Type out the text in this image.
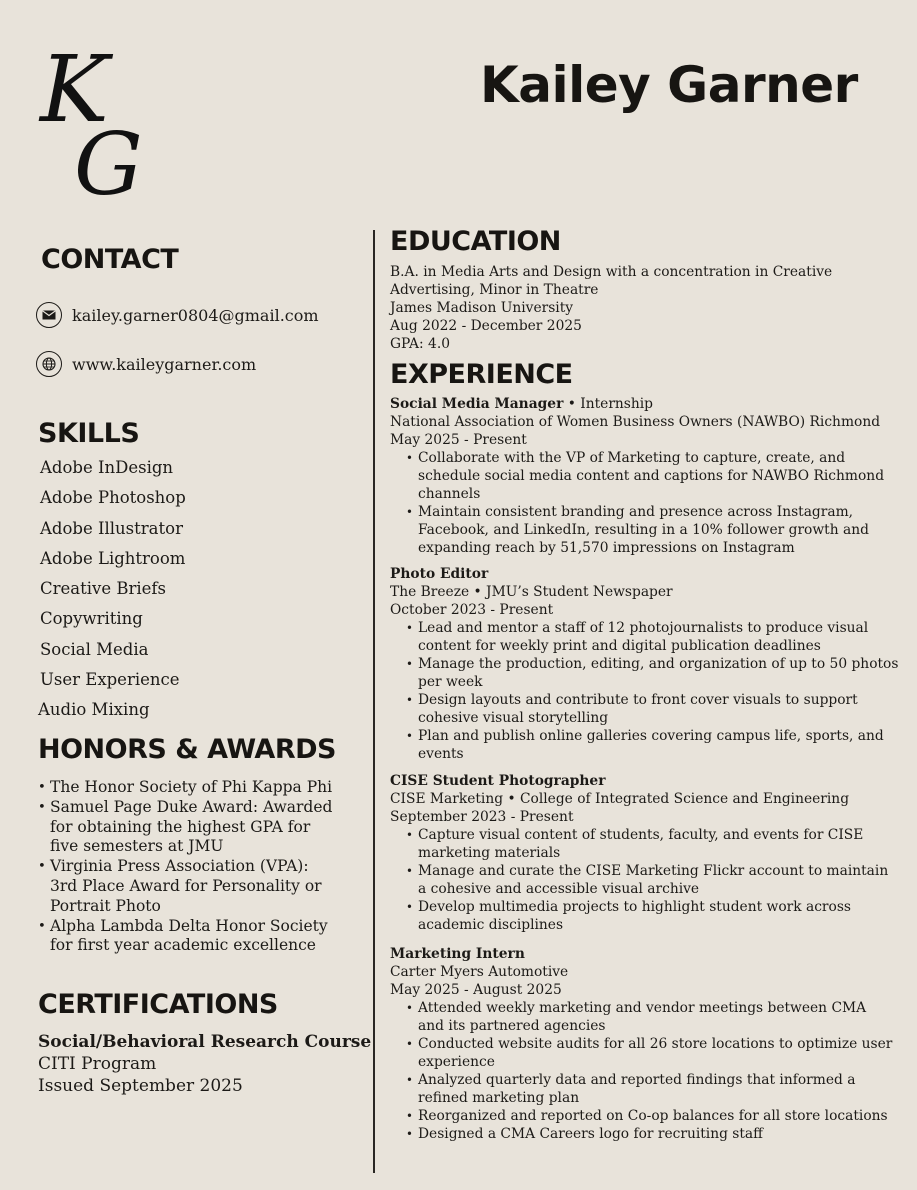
K
G
Kailey Garner
CONTACT
kailey.garner0804@gmail.com
www.kaileygarner.com
SKILLS
Adobe InDesign
Adobe Photoshop
Adobe Illustrator
Adobe Lightroom
Creative Briefs
Copywriting
Social Media
User Experience
Audio Mixing
HONORS & AWARDS
• The Honor Society of Phi Kappa Phi
• Samuel Page Duke Award: Awarded for obtaining the highest GPA for five semesters at JMU
• Virginia Press Association (VPA): 3rd Place Award for Personality or Portrait Photo
• Alpha Lambda Delta Honor Society for first year academic excellence
CERTIFICATIONS
Social/Behavioral Research Course
CITI Program
Issued September 2025
EDUCATION

B.A. in Media Arts and Design with a concentration in Creative

Advertising, Minor in Theatre

James Madison University

Aug 2022 - December 2025

GPA: 4.0

EXPERIENCE

Social Media Manager • Internship

National Association of Women Business Owners (NAWBO) Richmond

May 2025 - Present

• Collaborate with the VP of Marketing to capture, create, and
schedule social media content and captions for NAWBO Richmond
channels
• Maintain consistent branding and presence across Instagram,
Facebook, and LinkedIn, resulting in a 10% follower growth and
expanding reach by 51,570 impressions on Instagram

Photo Editor

The Breeze • JMU’s Student Newspaper

October 2023 - Present

• Lead and mentor a staff of 12 photojournalists to produce visual
content for weekly print and digital publication deadlines
• Manage the production, editing, and organization of up to 50 photos
per week
• Design layouts and contribute to front cover visuals to support
cohesive visual storytelling
• Plan and publish online galleries covering campus life, sports, and
events

CISE Student Photographer

CISE Marketing • College of Integrated Science and Engineering

September 2023 - Present

• Capture visual content of students, faculty, and events for CISE
marketing materials
• Manage and curate the CISE Marketing Flickr account to maintain
a cohesive and accessible visual archive
• Develop multimedia projects to highlight student work across
academic disciplines

Marketing Intern

Carter Myers Automotive

May 2025 - August 2025

• Attended weekly marketing and vendor meetings between CMA
and its partnered agencies
• Conducted website audits for all 26 store locations to optimize user
experience
• Analyzed quarterly data and reported findings that informed a
refined marketing plan
• Reorganized and reported on Co-op balances for all store locations
• Designed a CMA Careers logo for recruiting staff
